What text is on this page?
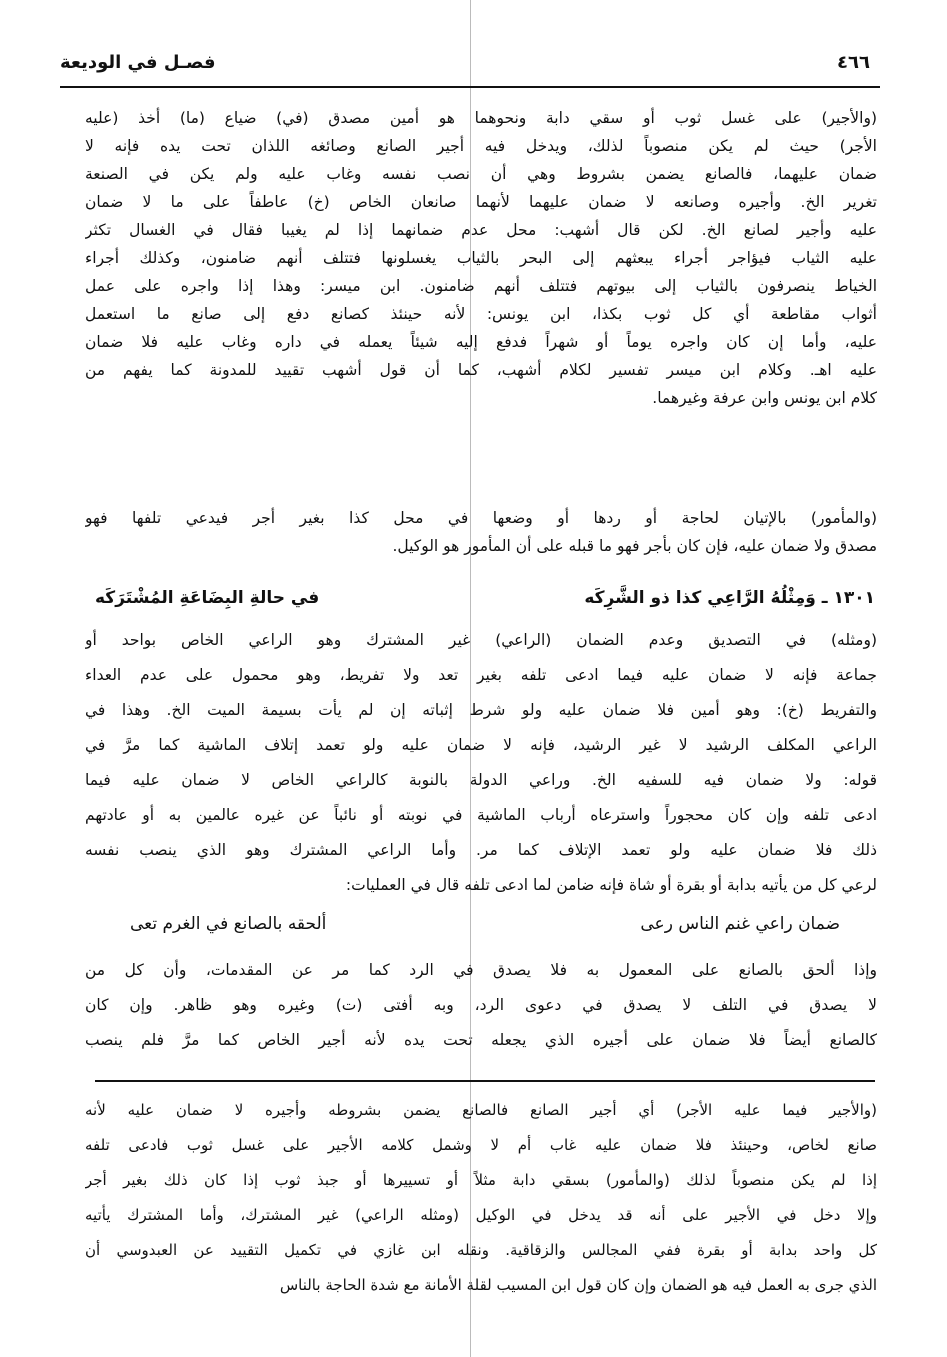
فصـل في الوديعة	٤٦٦
(والأجير) على غسل ثوب أو سقي دابة ونحوهما هو أمين مصدق (في) ضياع (ما) أخذ (عليه
الأجر) حيث لم يكن منصوباً لذلك، ويدخل فيه أجير الصانع وصائغه اللذان تحت يده فإنه لا
ضمان عليهما، فالصانع يضمن بشروط وهي أن نصب نفسه وغاب عليه ولم يكن في الصنعة
تغرير الخ. وأجيره وصانعه لا ضمان عليهما لأنهما صانعان الخاص (خ) عاطفاً على ما لا ضمان
عليه وأجير لصانع الخ. لكن قال أشهب: محل عدم ضمانهما إذا لم يغيبا فقال في الغسال تكثر
عليه الثياب فيؤاجر أجراء يبعثهم إلى البحر بالثياب يغسلونها فتتلف أنهم ضامنون، وكذلك أجراء
الخياط ينصرفون بالثياب إلى بيوتهم فتتلف أنهم ضامنون. ابن ميسر: وهذا إذا واجره على عمل
أثواب مقاطعة أي كل ثوب بكذا، ابن يونس: لأنه حينئذ كصانع دفع إلى صانع ما استعمل
عليه، وأما إن كان واجره يوماً أو شهراً فدفع إليه شيئاً يعمله في داره وغاب عليه فلا ضمان
عليه اهـ. وكلام ابن ميسر تفسير لكلام أشهب، كما أن قول أشهب تقييد للمدونة كما يفهم من
كلام ابن يونس وابن عرفة وغيرهما.
(والمأمور) بالإتيان لحاجة أو ردها أو وضعها في محل كذا بغير أجر فيدعي تلفها فهو
مصدق ولا ضمان عليه، فإن كان بأجر فهو ما قبله على أن المأمور هو الوكيل.
١٣٠١ ـ وَمِثْلُهُ الرَّاعِي كذا ذو الشَّرِكَه
في حالةِ البِضَاعَةِ المُشْتَرَكَه
(ومثله) في التصديق وعدم الضمان (الراعي) غير المشترك وهو الراعي الخاص بواحد أو
جماعة فإنه لا ضمان عليه فيما ادعى تلفه بغير تعد ولا تفريط، وهو محمول على عدم العداء
والتفريط (خ): وهو أمين فلا ضمان عليه ولو شرط إثباته إن لم يأت بسيمة الميت الخ. وهذا في
الراعي المكلف الرشيد لا غير الرشيد، فإنه لا ضمان عليه ولو تعمد إتلاف الماشية كما مرَّ في
قوله: ولا ضمان فيه للسفيه الخ. وراعي الدولة بالنوبة كالراعي الخاص لا ضمان عليه فيما
ادعى تلفه وإن كان محجوراً واسترعاه أرباب الماشية في نوبته أو نائباً عن غيره عالمين به أو عادتهم
ذلك فلا ضمان عليه ولو تعمد الإتلاف كما مر. وأما الراعي المشترك وهو الذي ينصب نفسه
لرعي كل من يأتيه بدابة أو بقرة أو شاة فإنه ضامن لما ادعى تلفه قال في العمليات:
ضمان راعي غنم الناس رعى
ألحقه بالصانع في الغرم تعى
وإذا ألحق بالصانع على المعمول به فلا يصدق في الرد كما مر عن المقدمات، وأن كل من
لا يصدق في التلف لا يصدق في دعوى الرد، وبه أفتى (ت) وغيره وهو ظاهر. وإن كان
كالصانع أيضاً فلا ضمان على أجيره الذي يجعله تحت يده لأنه أجير الخاص كما مرَّ فلم ينصب
(والأجير فيما عليه الأجر) أي أجير الصانع فالصانع يضمن بشروطه وأجيره لا ضمان عليه لأنه
صانع لخاص، وحينئذ فلا ضمان عليه غاب أم لا وشمل كلامه الأجير على غسل ثوب فادعى تلفه
إذا لم يكن منصوباً لذلك (والمأمور) بسقي دابة مثلاً أو تسييرها أو جبذ ثوب إذا كان ذلك بغير أجر
وإلا دخل في الأجير على أنه قد يدخل في الوكيل (ومثله الراعي) غير المشترك، وأما المشترك يأتيه
كل واحد بدابة أو بقرة ففي المجالس والزقاقية. ونقله ابن غازي في تكميل التقييد عن العبدوسي أن
الذي جرى به العمل فيه هو الضمان وإن كان قول ابن المسيب لقلة الأمانة مع شدة الحاجة بالناس
